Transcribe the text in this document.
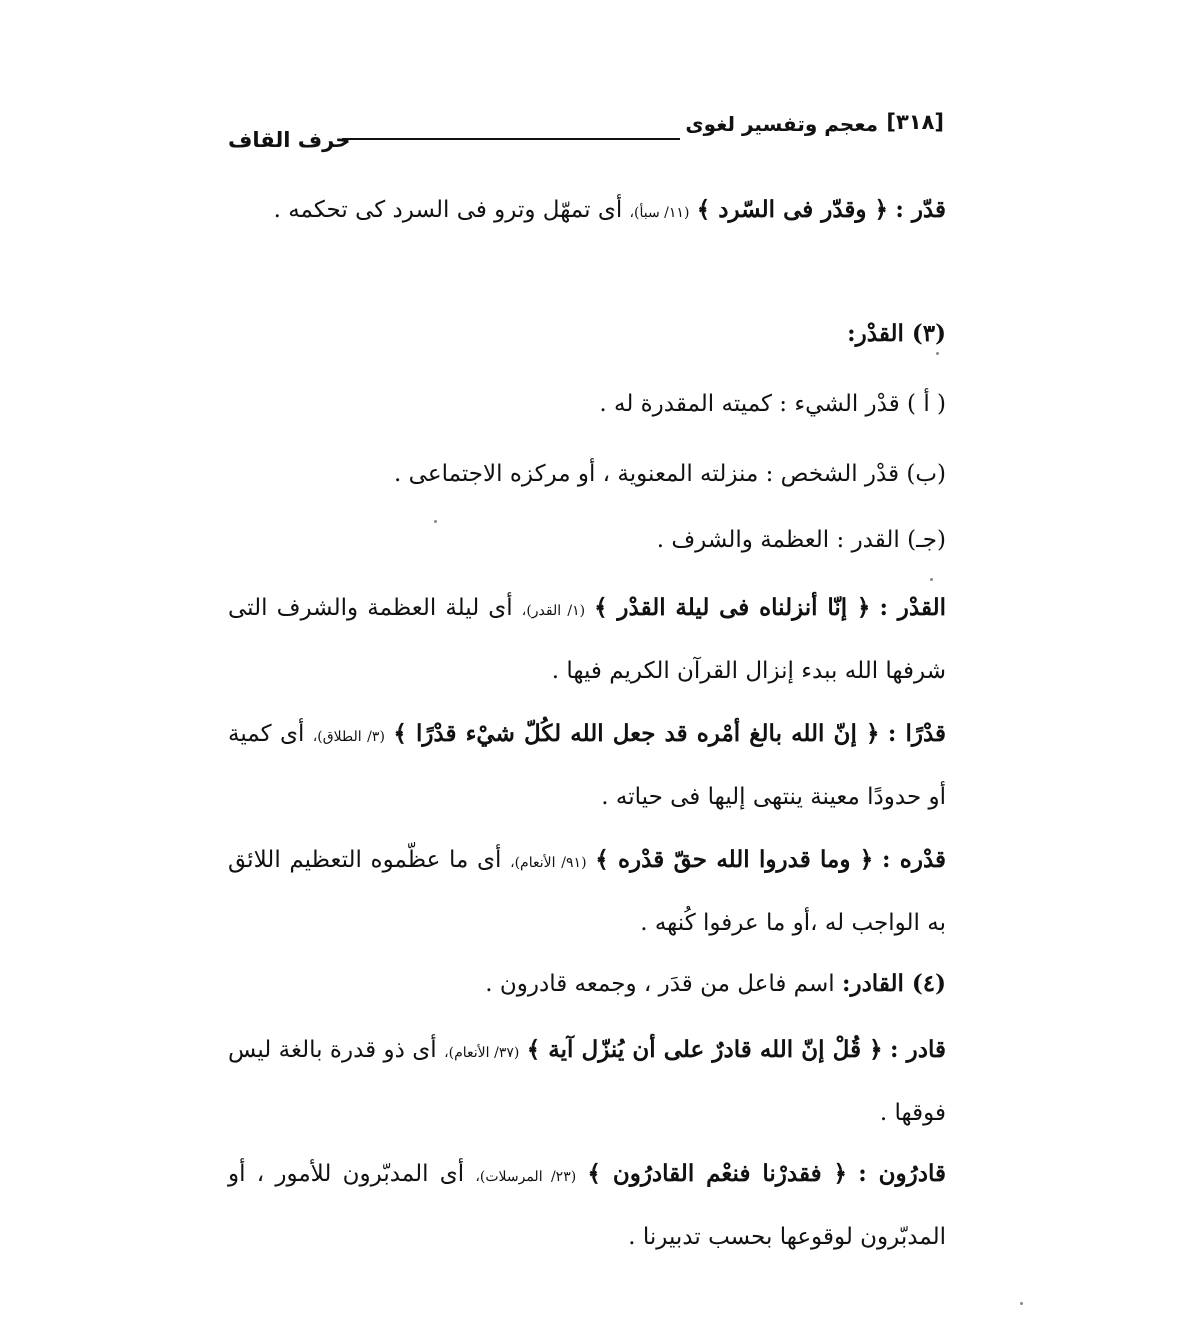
[٣١٨]
معجم وتفسير لغوى
حرف القاف
قدّر : ﴿ وقدّر فى السّرد ﴾ (١١/ سبأ)، أى تمهّل وترو فى السرد كى تحكمه .
(٣) القدْر:
( أ ) قدْر الشيء : كميته المقدرة له .
(ب) قدْر الشخص : منزلته المعنوية ، أو مركزه الاجتماعى .
(جـ) القدر : العظمة والشرف .
القدْر : ﴿ إنّا أنزلناه فى ليلة القدْر ﴾ (١/ القدر)، أى ليلة العظمة والشرف التى شرفها الله ببدء إنزال القرآن الكريم فيها .
قدْرًا : ﴿ إنّ الله بالغ أمْره قد جعل الله لكُلّ شيْء قدْرًا ﴾ (٣/ الطلاق)، أى كمية أو حدودًا معينة ينتهى إليها فى حياته .
قدْره : ﴿ وما قدروا الله حقّ قدْره ﴾ (٩١/ الأنعام)، أى ما عظّموه التعظيم اللائق به الواجب له ،أو ما عرفوا كُنهه .
(٤) القادر: اسم فاعل من قدَر ، وجمعه قادرون .
قادر : ﴿ قُلْ إنّ الله قادرٌ على أن يُنزّل آية ﴾ (٣٧/ الأنعام)، أى ذو قدرة بالغة ليس فوقها .
قادرُون : ﴿ فقدرْنا فنعْم القادرُون ﴾ (٢٣/ المرسلات)، أى المدبّرون للأمور ، أو المدبّرون لوقوعها بحسب تدبيرنا .
